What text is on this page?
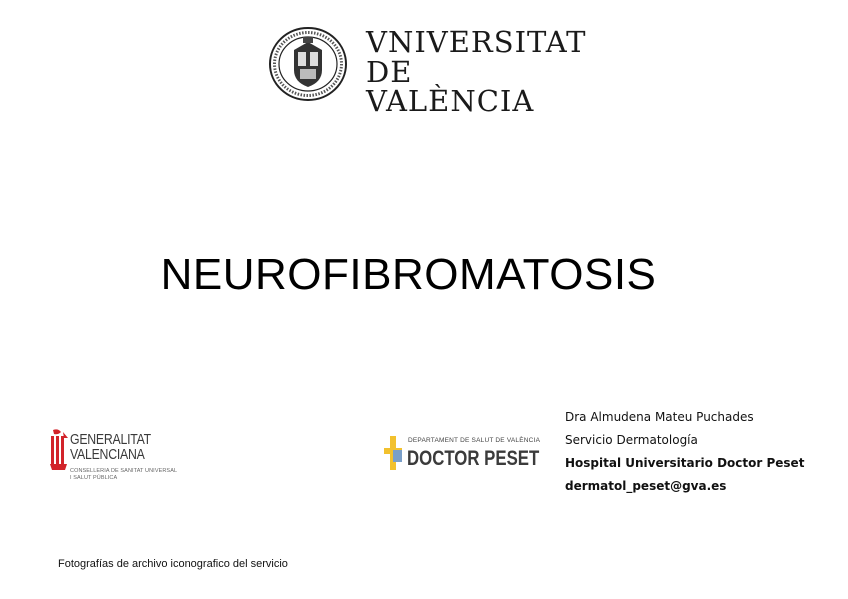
VNIVERSITAT
DE VALÈNCIA
NEUROFIBROMATOSIS
GENERALITAT
VALENCIANA
CONSELLERIA DE SANITAT UNIVERSAL
I SALUT PÚBLICA
DEPARTAMENT DE SALUT DE VALÈNCIA
DOCTOR PESET
Dra Almudena Mateu Puchades
Servicio Dermatología
Hospital Universitario Doctor Peset
dermatol_peset@gva.es
Fotografías de archivo iconografico del servicio
